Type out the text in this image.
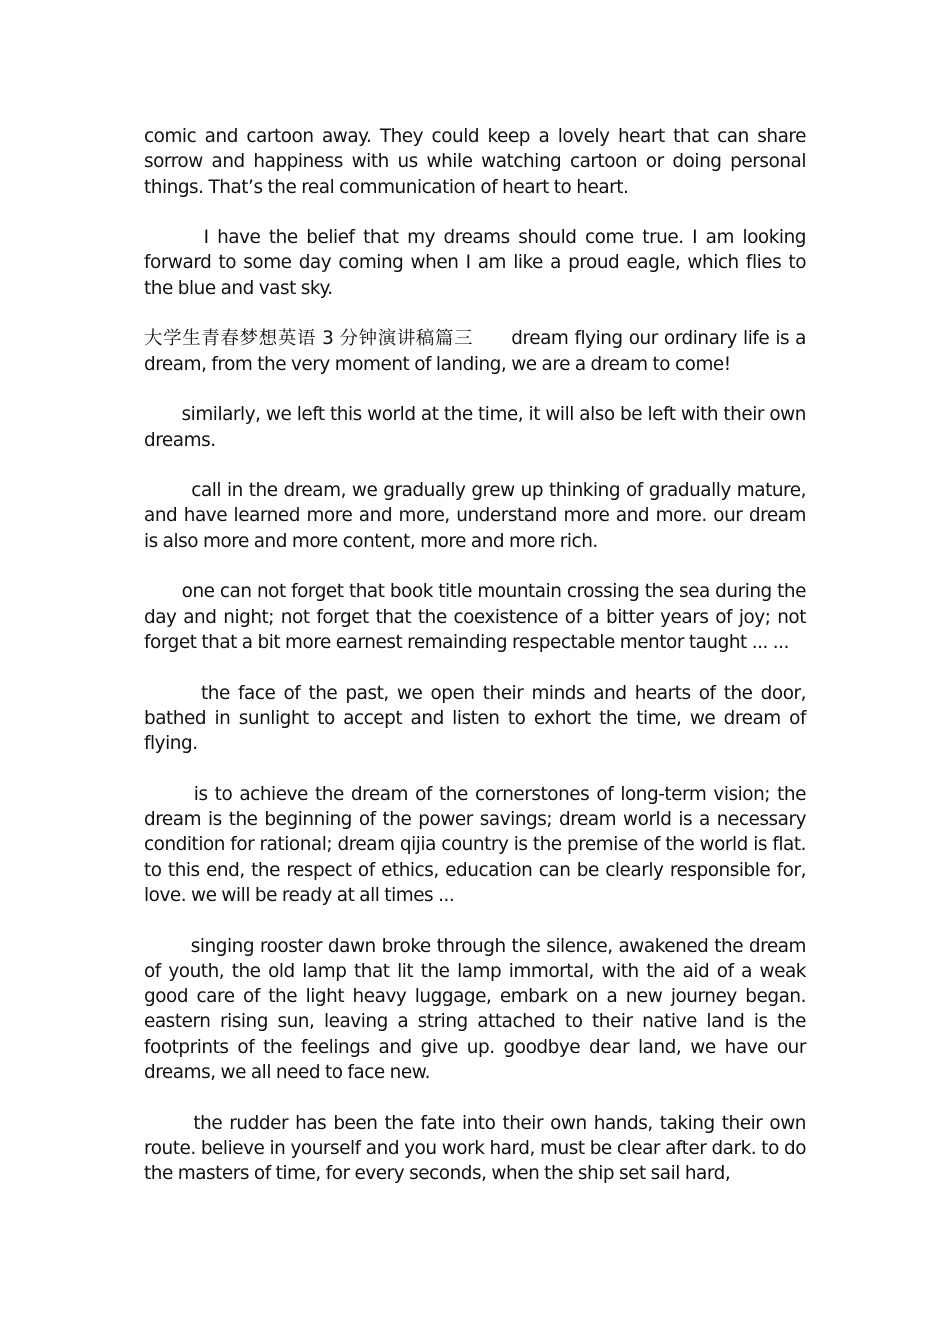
comic and cartoon away. They could keep a lovely heart that can share sorrow and happiness with us while watching cartoon or doing personal things. That’s the real communication of heart to heart.

I have the belief that my dreams should come true. I am looking forward to some day coming when I am like a proud eagle, which flies to the blue and vast sky.

大学生青春梦想英语 3 分钟演讲稿篇三 dream flying our ordinary life is a dream, from the very moment of landing, we are a dream to come!

similarly, we left this world at the time, it will also be left with their own dreams.

call in the dream, we gradually grew up thinking of gradually mature, and have learned more and more, understand more and more. our dream is also more and more content, more and more rich.

one can not forget that book title mountain crossing the sea during the day and night; not forget that the coexistence of a bitter years of joy; not forget that a bit more earnest remainding respectable mentor taught ... ...

the face of the past, we open their minds and hearts of the door, bathed in sunlight to accept and listen to exhort the time, we dream of flying.

is to achieve the dream of the cornerstones of long-term vision; the dream is the beginning of the power savings; dream world is a necessary condition for rational; dream qijia country is the premise of the world is flat. to this end, the respect of ethics, education can be clearly responsible for, love. we will be ready at all times ...

singing rooster dawn broke through the silence, awakened the dream of youth, the old lamp that lit the lamp immortal, with the aid of a weak good care of the light heavy luggage, embark on a new journey began. eastern rising sun, leaving a string attached to their native land is the footprints of the feelings and give up. goodbye dear land, we have our dreams, we all need to face new.

the rudder has been the fate into their own hands, taking their own route. believe in yourself and you work hard, must be clear after dark. to do the masters of time, for every seconds, when the ship set sail hard,
